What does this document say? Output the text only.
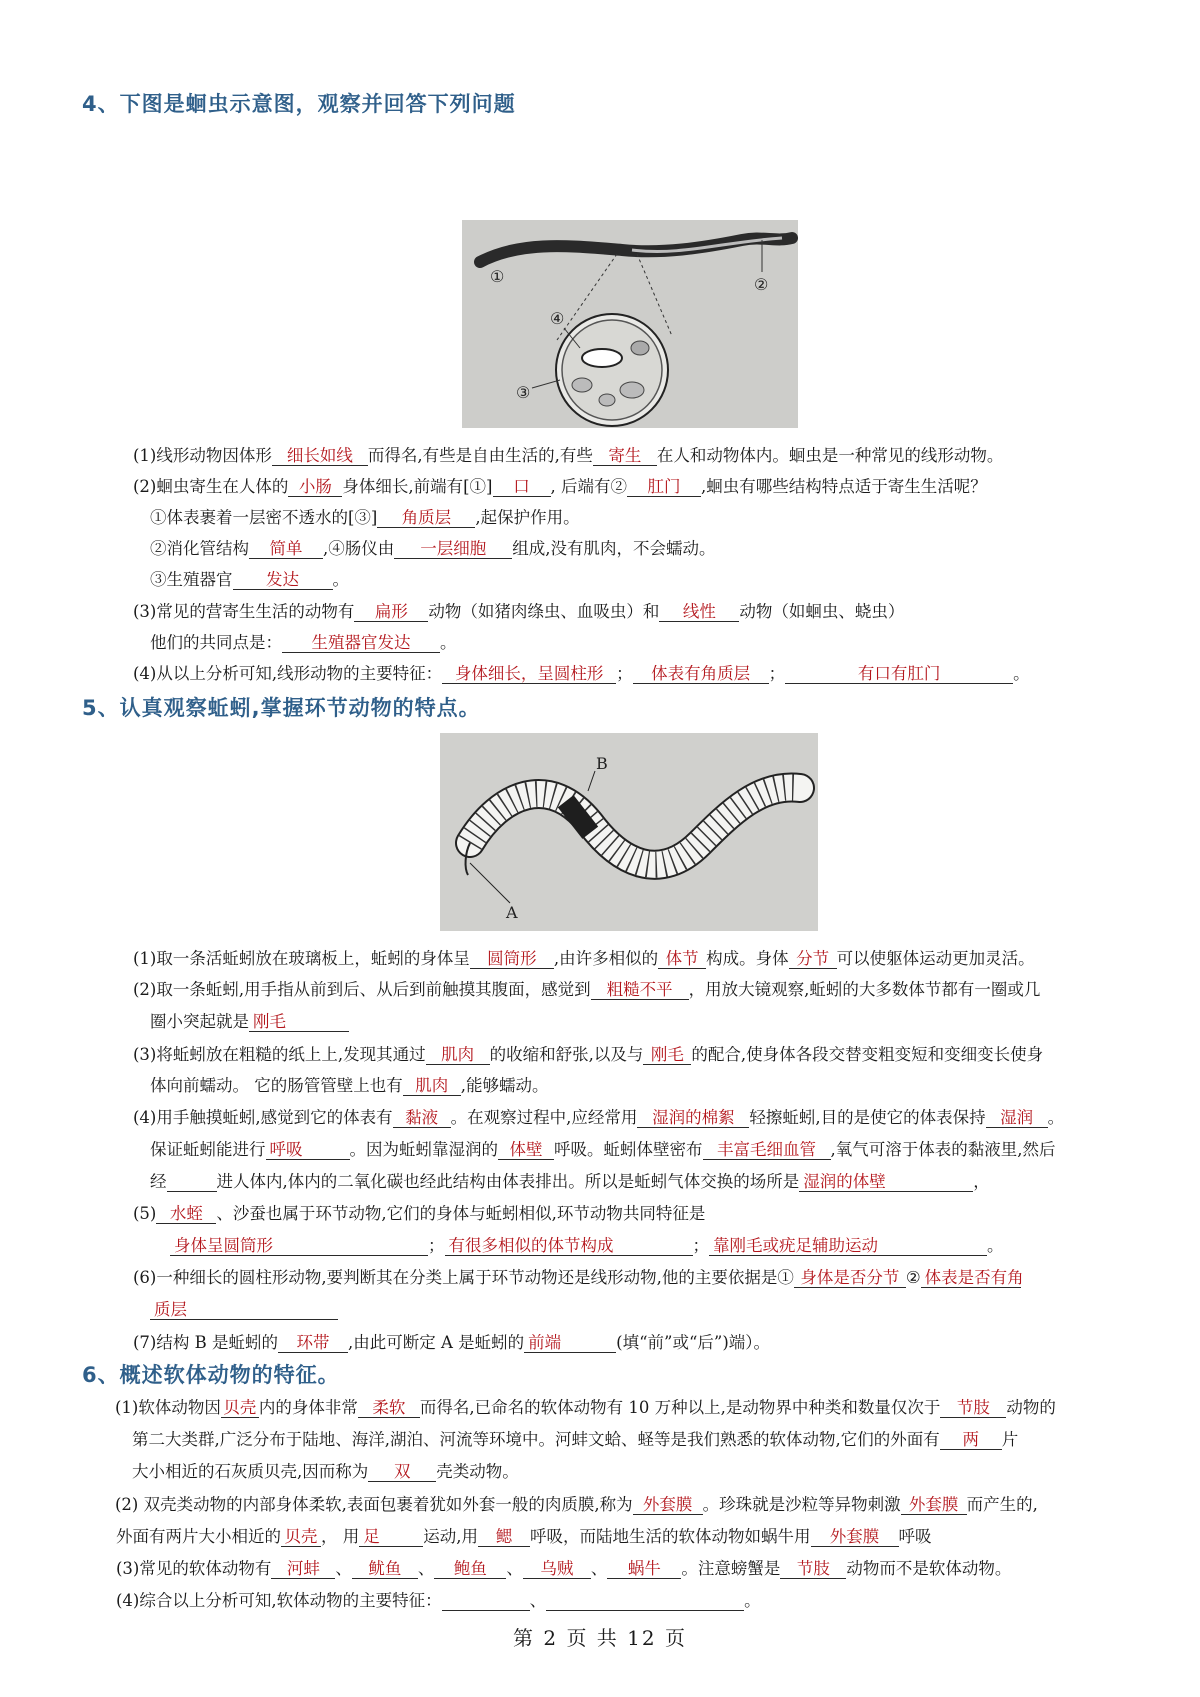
4、下图是蛔虫示意图，观察并回答下列问题
①	②
④
③
(1)线形动物因体形 细长如线 而得名,有些是自由生活的,有些 寄生 在人和动物体内。蛔虫是一种常见的线形动物。
(2)蛔虫寄生在人体的 小肠 身体细长,前端有[①] 口 , 后端有② 肛门 ,蛔虫有哪些结构特点适于寄生生活呢？
①体表裹着一层密不透水的[③] 角质层 ,起保护作用。
②消化管结构 简单 ,④肠仪由 一层细胞 组成,没有肌肉，不会蠕动。
③生殖器官 发达 。
(3)常见的营寄生生活的动物有 扁形 动物（如猪肉绦虫、血吸虫）和 线性 动物（如蛔虫、蛲虫）
他们的共同点是： 生殖器官发达 。
(4)从以上分析可知,线形动物的主要特征： 身体细长，呈圆柱形 ； 体表有角质层 ；	有口有肛门	。
5、认真观察蚯蚓,掌握环节动物的特点。
B
A
(1)取一条活蚯蚓放在玻璃板上，蚯蚓的身体呈 圆筒形 ,由许多相似的 体节 构成。身体 分节 可以使躯体运动更加灵活。
(2)取一条蚯蚓,用手指从前到后、从后到前触摸其腹面，感觉到 粗糙不平 ，用放大镜观察,蚯蚓的大多数体节都有一圈或几
圈小突起就是 刚毛
(3)将蚯蚓放在粗糙的纸上上,发现其通过 肌肉 的收缩和舒张,以及与 刚毛 的配合,使身体各段交替变粗变短和变细变长使身
体向前蠕动。 它的肠管管壁上也有 肌肉 ,能够蠕动。
(4)用手触摸蚯蚓,感觉到它的体表有 黏液 。在观察过程中,应经常用 湿润的棉絮 轻擦蚯蚓,目的是使它的体表保持 湿润 。
保证蚯蚓能进行 呼吸	。因为蚯蚓靠湿润的 体壁 呼吸。蚯蚓体壁密布 丰富毛细血管 ,氧气可溶于体表的黏液里,然后
经	进人体内,体内的二氧化碳也经此结构由体表排出。所以是蚯蚓气体交换的场所是 湿润的体壁	，
(5) 水蛭 、沙蚕也属于环节动物,它们的身体与蚯蚓相似,环节动物共同特征是
身体呈圆筒形	； 有很多相似的体节构成	； 靠刚毛或疣足辅助运动	。
(6)一种细长的圆柱形动物,要判断其在分类上属于环节动物还是线形动物,他的主要依据是① 身体是否分节 ② 体表是否有角
质层
(7)结构 B 是蚯蚓的 环带 ,由此可断定 A 是蚯蚓的 前端	(填“前”或“后”)端）。
6、概述软体动物的特征。
(1)软体动物因 贝壳 内的身体非常 柔软 而得名,已命名的软体动物有 10 万种以上,是动物界中种类和数量仅次于 节肢 动物的
第二大类群,广泛分布于陆地、海洋,湖泊、河流等环境中。河蚌文蛤、蛏等是我们熟悉的软体动物,它们的外面有 两 片
大小相近的石灰质贝壳,因而称为 双 壳类动物。
(2) 双壳类动物的内部身体柔软,表面包裹着犹如外套一般的肉质膜,称为 外套膜 。珍珠就是沙粒等异物刺激 外套膜 而产生的,
外面有两片大小相近的 贝壳 ， 用 足	运动,用 鳃 呼吸，而陆地生活的软体动物如蜗牛用 外套膜 呼吸
(3)常见的软体动物有 河蚌 、 鱿鱼 、 鲍鱼 、 乌贼 、 蜗牛 。注意螃蟹是 节肢 动物而不是软体动物。
(4)综合以上分析可知,软体动物的主要特征：	、	。
第 2 页 共 12 页
